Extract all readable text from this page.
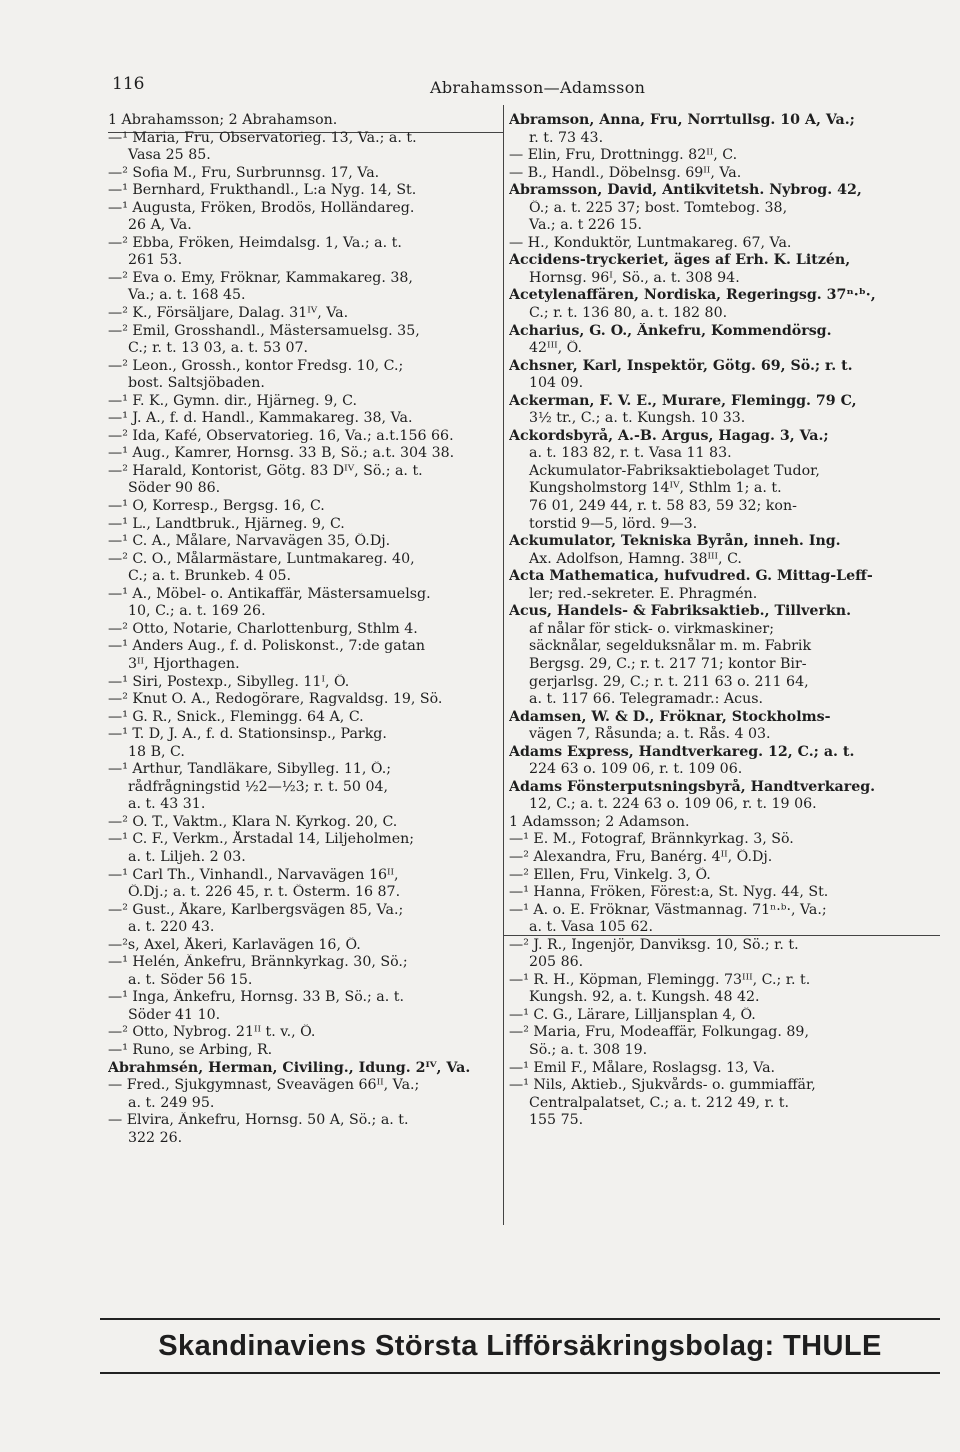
116	Abrahamsson—Adamsson
1 Abrahamsson; 2 Abrahamson.
—¹ Maria, Fru, Observatorieg. 13, Va.; a. t.
Vasa 25 85.
—² Sofia M., Fru, Surbrunnsg. 17, Va.
—¹ Bernhard, Frukthandl., L:a Nyg. 14, St.
—¹ Augusta, Fröken, Brodös, Holländareg.
26 A, Va.
—² Ebba, Fröken, Heimdalsg. 1, Va.; a. t.
261 53.
—² Eva o. Emy, Fröknar, Kammakareg. 38,
Va.; a. t. 168 45.
—² K., Försäljare, Dalag. 31ᴵⱽ, Va.
—² Emil, Grosshandl., Mästersamuelsg. 35,
C.; r. t. 13 03, a. t. 53 07.
—² Leon., Grossh., kontor Fredsg. 10, C.;
bost. Saltsjöbaden.
—¹ F. K., Gymn. dir., Hjärneg. 9, C.
—¹ J. A., f. d. Handl., Kammakareg. 38, Va.
—² Ida, Kafé, Observatorieg. 16, Va.; a.t.156 66.
—¹ Aug., Kamrer, Hornsg. 33 B, Sö.; a.t. 304 38.
—² Harald, Kontorist, Götg. 83 Dᴵⱽ, Sö.; a. t.
Söder 90 86.
—¹ O, Korresp., Bergsg. 16, C.
—¹ L., Landtbruk., Hjärneg. 9, C.
—¹ C. A., Målare, Narvavägen 35, Ö.Dj.
—² C. O., Målarmästare, Luntmakareg. 40,
C.; a. t. Brunkeb. 4 05.
—¹ A., Möbel- o. Antikaffär, Mästersamuelsg.
10, C.; a. t. 169 26.
—² Otto, Notarie, Charlottenburg, Sthlm 4.
—¹ Anders Aug., f. d. Poliskonst., 7:de gatan
3ᴵᴵ, Hjorthagen.
—¹ Siri, Postexp., Sibylleg. 11ᴵ, Ö.
—² Knut O. A., Redogörare, Ragvaldsg. 19, Sö.
—¹ G. R., Snick., Flemingg. 64 A, C.
—¹ T. D, J. A., f. d. Stationsinsp., Parkg.
18 B, C.
—¹ Arthur, Tandläkare, Sibylleg. 11, Ö.;
rådfrågningstid ½2—½3; r. t. 50 04,
a. t. 43 31.
—² O. T., Vaktm., Klara N. Kyrkog. 20, C.
—¹ C. F., Verkm., Årstadal 14, Liljeholmen;
a. t. Liljeh. 2 03.
—¹ Carl Th., Vinhandl., Narvavägen 16ᴵᴵ,
Ö.Dj.; a. t. 226 45, r. t. Österm. 16 87.
—² Gust., Åkare, Karlbergsvägen 85, Va.;
a. t. 220 43.
—²s, Axel, Åkeri, Karlavägen 16, Ö.
—¹ Helén, Änkefru, Brännkyrkag. 30, Sö.;
a. t. Söder 56 15.
—¹ Inga, Änkefru, Hornsg. 33 B, Sö.; a. t.
Söder 41 10.
—² Otto, Nybrog. 21ᴵᴵ t. v., Ö.
—¹ Runo, se Arbing, R.
Abrahmsén, Herman, Civiling., Idung. 2ᴵⱽ, Va.
— Fred., Sjukgymnast, Sveavägen 66ᴵᴵ, Va.;
a. t. 249 95.
— Elvira, Änkefru, Hornsg. 50 A, Sö.; a. t.
322 26.
Abramson, Anna, Fru, Norrtullsg. 10 A, Va.;
r. t. 73 43.
— Elin, Fru, Drottningg. 82ᴵᴵ, C.
— B., Handl., Döbelnsg. 69ᴵᴵ, Va.
Abramsson, David, Antikvitetsh. Nybrog. 42,
Ö.; a. t. 225 37; bost. Tomtebog. 38,
Va.; a. t 226 15.
— H., Konduktör, Luntmakareg. 67, Va.
Accidens-tryckeriet, äges af Erh. K. Litzén,
Hornsg. 96ᴵ, Sö., a. t. 308 94.
Acetylenaffären, Nordiska, Regeringsg. 37ⁿ·ᵇ·,
C.; r. t. 136 80, a. t. 182 80.
Acharius, G. O., Änkefru, Kommendörsg.
42ᴵᴵᴵ, Ö.
Achsner, Karl, Inspektör, Götg. 69, Sö.; r. t.
104 09.
Ackerman, F. V. E., Murare, Flemingg. 79 C,
3½ tr., C.; a. t. Kungsh. 10 33.
Ackordsbyrå, A.-B. Argus, Hagag. 3, Va.;
a. t. 183 82, r. t. Vasa 11 83.
Ackumulator-Fabriksaktiebolaget Tudor,
Kungsholmstorg 14ᴵⱽ, Sthlm 1; a. t.
76 01, 249 44, r. t. 58 83, 59 32; kon-
torstid 9—5, lörd. 9—3.
Ackumulator, Tekniska Byrån, inneh. Ing.
Ax. Adolfson, Hamng. 38ᴵᴵᴵ, C.
Acta Mathematica, hufvudred. G. Mittag-Leff-
ler; red.-sekreter. E. Phragmén.
Acus, Handels- & Fabriksaktieb., Tillverkn.
af nålar för stick- o. virkmaskiner;
säcknålar, segelduksnålar m. m. Fabrik
Bergsg. 29, C.; r. t. 217 71; kontor Bir-
gerjarlsg. 29, C.; r. t. 211 63 o. 211 64,
a. t. 117 66. Telegramadr.: Acus.
Adamsen, W. & D., Fröknar, Stockholms-
vägen 7, Råsunda; a. t. Rås. 4 03.
Adams Express, Handtverkareg. 12, C.; a. t.
224 63 o. 109 06, r. t. 109 06.
Adams Fönsterputsningsbyrå, Handtverkareg.
12, C.; a. t. 224 63 o. 109 06, r. t. 19 06.
1 Adamsson; 2 Adamson.
—¹ E. M., Fotograf, Brännkyrkag. 3, Sö.
—² Alexandra, Fru, Banérg. 4ᴵᴵ, Ö.Dj.
—² Ellen, Fru, Vinkelg. 3, Ö.
—¹ Hanna, Fröken, Förest:a, St. Nyg. 44, St.
—¹ A. o. E. Fröknar, Västmannag. 71ⁿ·ᵇ·, Va.;
a. t. Vasa 105 62.
—² J. R., Ingenjör, Danviksg. 10, Sö.; r. t.
205 86.
—¹ R. H., Köpman, Flemingg. 73ᴵᴵᴵ, C.; r. t.
Kungsh. 92, a. t. Kungsh. 48 42.
—¹ C. G., Lärare, Lilljansplan 4, Ö.
—² Maria, Fru, Modeaffär, Folkungag. 89,
Sö.; a. t. 308 19.
—¹ Emil F., Målare, Roslagsg. 13, Va.
—¹ Nils, Aktieb., Sjukvårds- o. gummiaffär,
Centralpalatset, C.; a. t. 212 49, r. t.
155 75.
Skandinaviens Största Lifförsäkringsbolag: THULE
